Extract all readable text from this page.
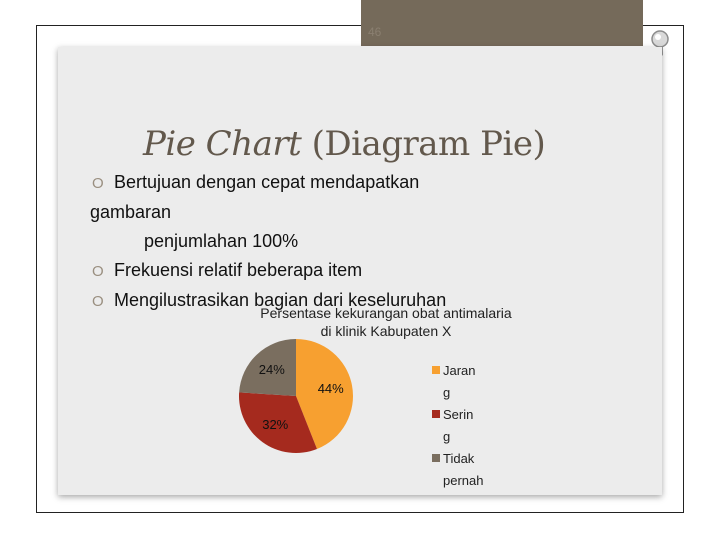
46
Pie Chart (Diagram Pie)
O Bertujuan dengan cepat mendapatkan
gambaran
penjumlahan 100%
O Frekuensi relatif beberapa item
O Mengilustrasikan bagian dari keseluruhan
Persentase kekurangan obat antimalaria di klinik Kabupaten X
44%
32%
24%	Jaran
g
Serin
g
Tidak
pernah
